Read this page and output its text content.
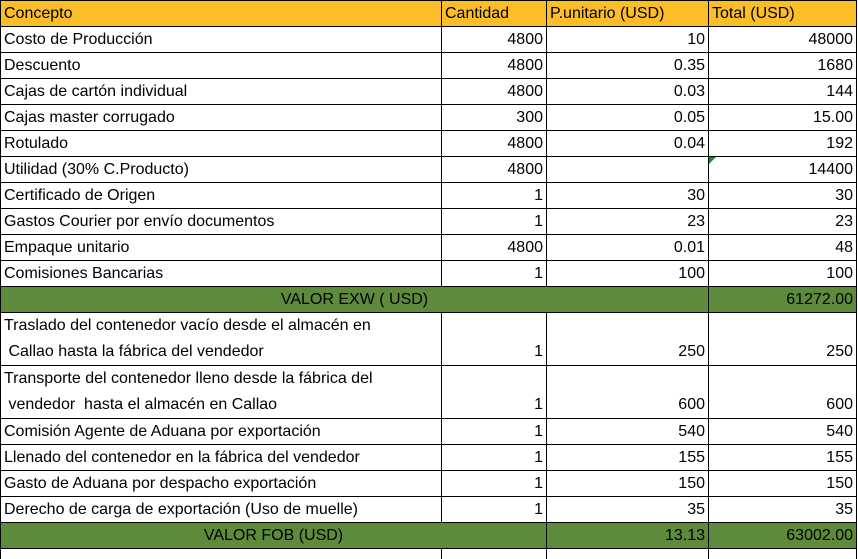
Concepto	Cantidad	P.unitario (USD)	Total (USD)
Costo de Producción	4800	10	48000
Descuento	4800	0.35	1680
Cajas de cartón individual	4800	0.03	144
Cajas master corrugado	300	0.05	15.00
Rotulado	4800	0.04	192
Utilidad (30% C.Producto)	4800		14400

Certificado de Origen	1	30	30
Gastos Courier por envío documentos	1	23	23
Empaque unitario	4800	0.01	48
Comisiones Bancarias	1	100	100
VALOR EXW ( USD)			61272.00
Traslado del contenedor vacío desde el almacén en
Callao hasta la fábrica del vendedor	1	250	250
Transporte del contenedor lleno desde la fábrica del
vendedor  hasta el almacén en Callao	1	600	600
Comisión Agente de Aduana por exportación	1	540	540
Llenado del contenedor en la fábrica del vendedor	1	155	155
Gasto de Aduana por despacho exportación	1	150	150
Derecho de carga de exportación (Uso de muelle)	1	35	35
VALOR FOB (USD)		13.13	63002.00
